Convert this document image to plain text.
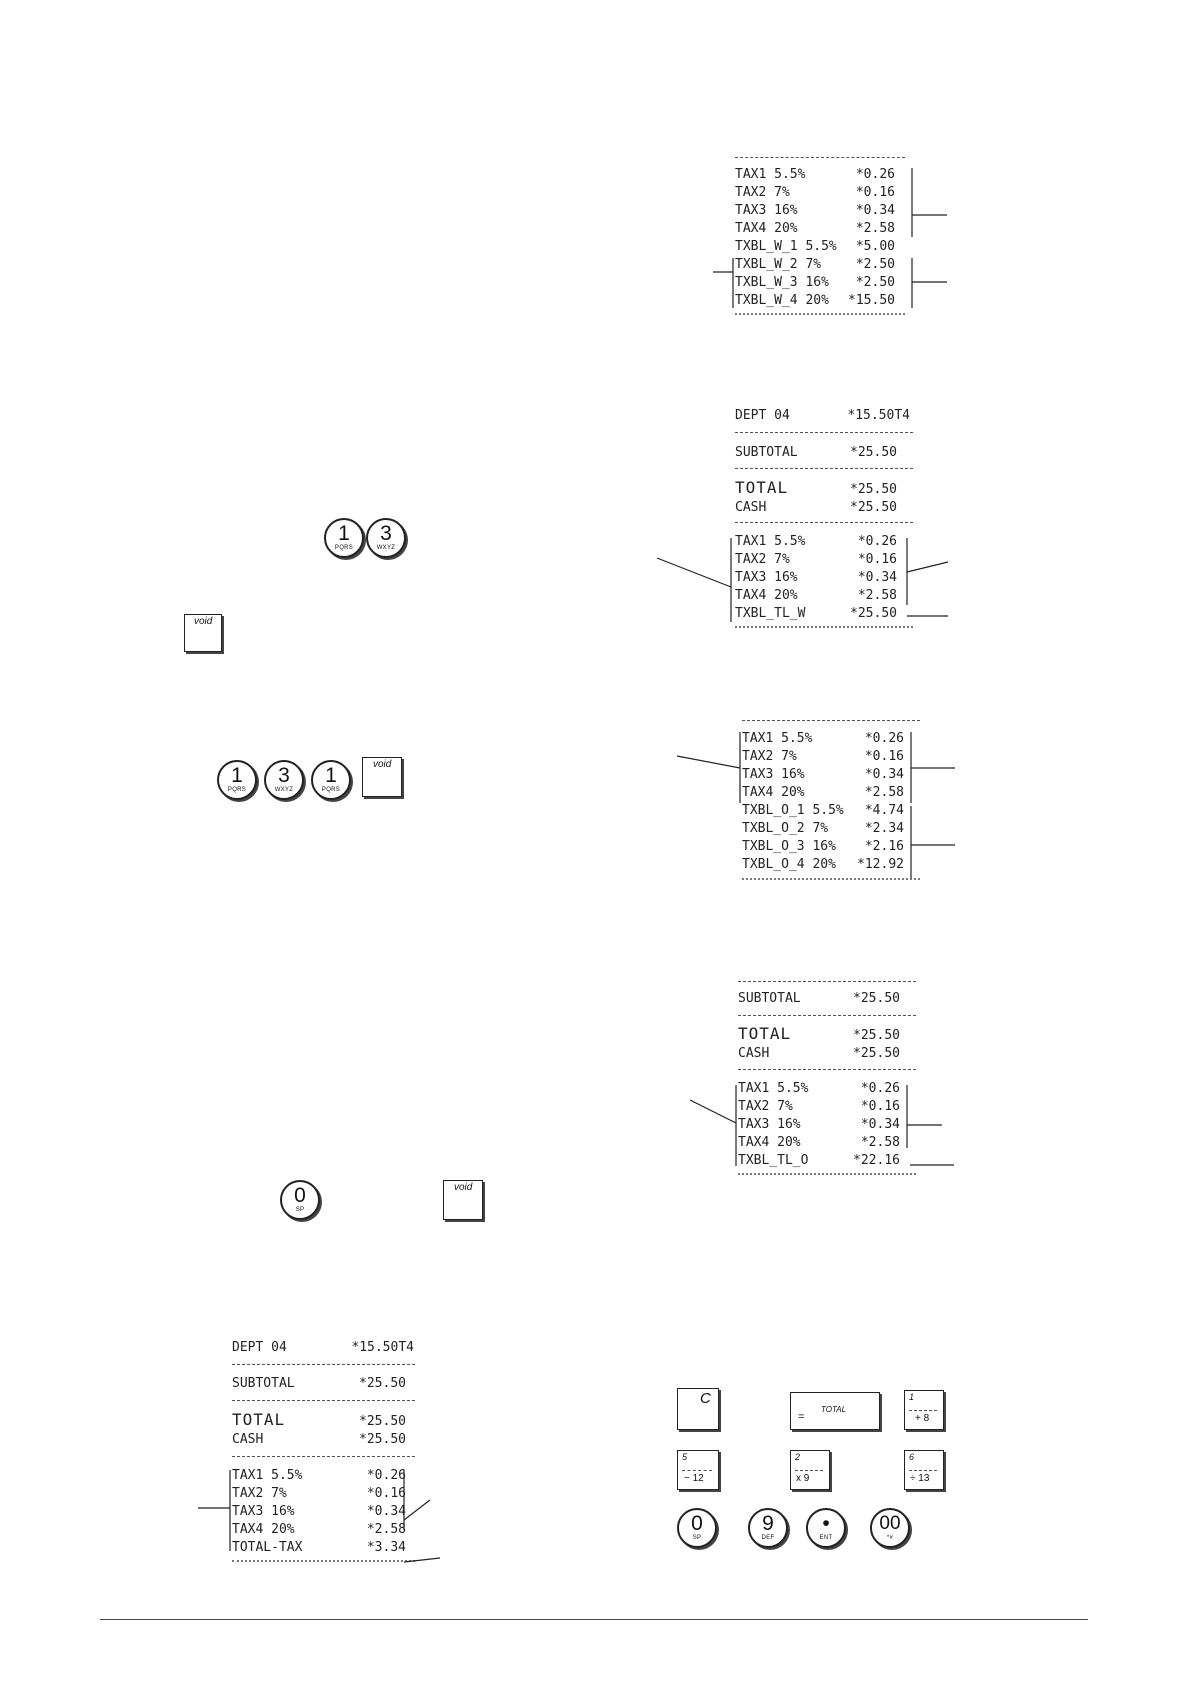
TAX1 5.5%	*0.26
TAX2 7%	*0.16
TAX3 16%	*0.34
TAX4 20%	*2.58
TXBL_W_1 5.5%	*5.00
TXBL_W_2 7%	*2.50
TXBL_W_3 16%	*2.50
TXBL_W_4 20%	*15.50
DEPT 04	*15.50T4
SUBTOTAL	*25.50
TOTAL	*25.50
CASH	*25.50
TAX1 5.5%	*0.26
TAX2 7%	*0.16
TAX3 16%	*0.34
TAX4 20%	*2.58
TXBL_TL_W	*25.50
TAX1 5.5%	*0.26
TAX2 7%	*0.16
TAX3 16%	*0.34
TAX4 20%	*2.58
TXBL_O_1 5.5%	*4.74
TXBL_O_2 7%	*2.34
TXBL_O_3 16%	*2.16
TXBL_O_4 20%	*12.92
SUBTOTAL	*25.50
TOTAL	*25.50
CASH	*25.50
TAX1 5.5%	*0.26
TAX2 7%	*0.16
TAX3 16%	*0.34
TAX4 20%	*2.58
TXBL_TL_O	*22.16
DEPT 04	*15.50T4
SUBTOTAL	*25.50
TOTAL	*25.50
CASH	*25.50
TAX1 5.5%	*0.26
TAX2 7%	*0.16
TAX3 16%	*0.34
TAX4 20%	*2.58
TOTAL-TAX	*3.34
1
PQRS
3
WXYZ
void
1
PQRS
3
WXYZ
1
PQRS
void
0
SP
void
C
TOTAL
=
1
+ 8
5
− 12
2
x 9
6
÷ 13
0
SP
9
DEF
•
ENT
00
*#
